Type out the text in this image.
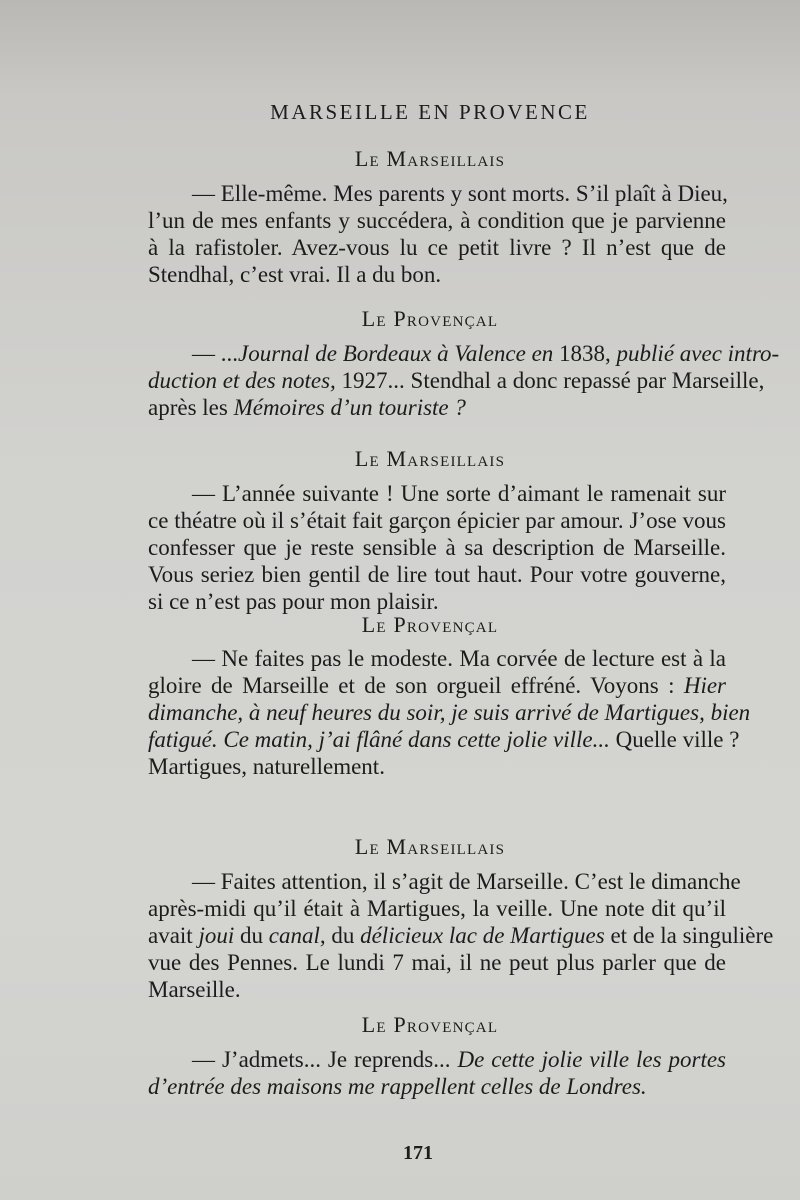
MARSEILLE EN PROVENCE
Le Marseillais
— Elle-même. Mes parents y sont morts. S’il plaît à Dieu,
l’un de mes enfants y succédera, à condition que je parvienne
à la rafistoler. Avez-vous lu ce petit livre ? Il n’est que de
Stendhal, c’est vrai. Il a du bon.
Le Provençal
— ...Journal de Bordeaux à Valence en 1838, publié avec intro-
duction et des notes, 1927... Stendhal a donc repassé par Marseille,
après les Mémoires d’un touriste ?
Le Marseillais
— L’année suivante ! Une sorte d’aimant le ramenait sur
ce théatre où il s’était fait garçon épicier par amour. J’ose vous
confesser que je reste sensible à sa description de Marseille.
Vous seriez bien gentil de lire tout haut. Pour votre gouverne,
si ce n’est pas pour mon plaisir.
Le Provençal
— Ne faites pas le modeste. Ma corvée de lecture est à la
gloire de Marseille et de son orgueil effréné. Voyons : Hier
dimanche, à neuf heures du soir, je suis arrivé de Martigues, bien
fatigué. Ce matin, j’ai flâné dans cette jolie ville... Quelle ville ?
Martigues, naturellement.
Le Marseillais
— Faites attention, il s’agit de Marseille. C’est le dimanche
après-midi qu’il était à Martigues, la veille. Une note dit qu’il
avait joui du canal, du délicieux lac de Martigues et de la singulière
vue des Pennes. Le lundi 7 mai, il ne peut plus parler que de
Marseille.
Le Provençal
— J’admets... Je reprends... De cette jolie ville les portes
d’entrée des maisons me rappellent celles de Londres.
171
